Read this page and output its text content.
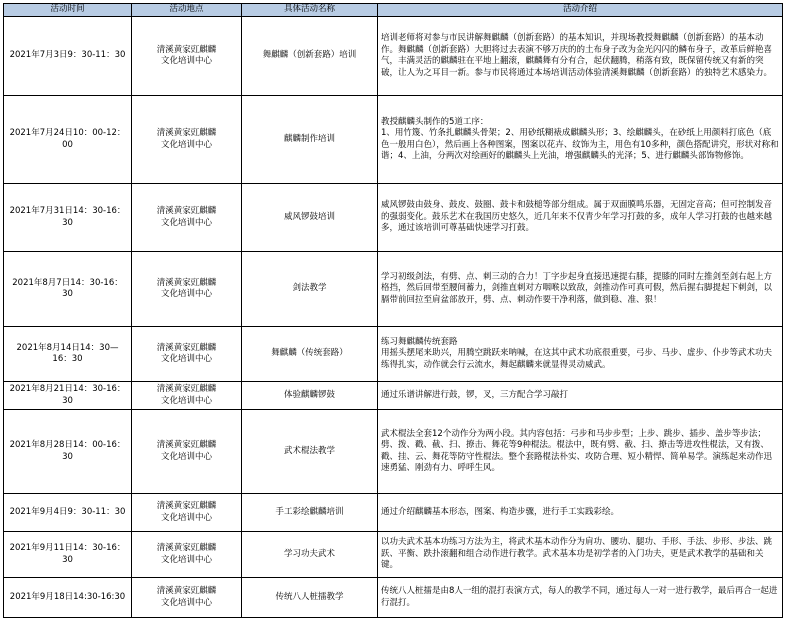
活动时间	活动地点	具体活动名称	活动介绍
2021年7月3日9：30-11：30	清溪黄家豇麒麟文化培训中心	舞麒麟（创新套路）培训	培训老师将对参与市民讲解舞麒麟（创新套路）的基本知识，并现场教授舞麒麟（创新套路）的基本动作。舞麒麟（创新套路）大胆将过去表演不够万庆的的土布身子改为金光闪闪的鳞布身子，改革后鲜艳喜气，丰满灵活的麒麟驻在平地上翻滚，麒麟舞有分有合，起伏翻腾，稍落有致，既保留传统又有新的突破，让人为之耳目一新。参与市民将通过本场培训活动体验清溪舞麒麟（创新套路）的独特艺术感染力。
2021年7月24日10：00-12：00	清溪黄家豇麒麟文化培训中心	麒麟制作培训	教授麒麟头制作的5道工序：
1、用竹篾、竹条扎麒麟头骨架；2、用砂纸糊裱成麒麟头形；3、绘麒麟头，在砂纸上用颜料打底色（底色一般用白色），然后画上各种图案，图案以花卉、纹饰为主，用色有10多种，颜色搭配讲究，形状对称和谐；4、上油，分两次对绘画好的麒麟头上光油，增强麒麟头的光泽；5、进行麒麟头部饰物修饰。
2021年7月31日14：30-16：30	清溪黄家豇麒麟文化培训中心	威风锣鼓培训	威风锣鼓由鼓身、鼓皮、鼓圈、鼓卡和鼓槌等部分组成。属于双面膜鸣乐器，无固定音高；但可控制发音的强弱变化。鼓乐艺术在我国历史悠久，近几年来不仅青少年学习打鼓的多，成年人学习打鼓的也越来越多，通过该培训可尊基础快速学习打鼓。
2021年8月7日14：30-16：30	清溪黄家豇麒麟文化培训中心	剑法教学	学习初级剑法，有劈、点、刺三动的合力！丁字步起身直接迅速提右膝，提膝的同时左推剑至剑右起上方格挡，然后回带至腰间蓄力，剑推直刺对方咽喉以致敌，剑推动作可真可假，然后握右脚提起下刺剑，以膈带前回拉至肩盆部放开，劈、点、刺动作要干净利落，做到稳、准、狠！
2021年8月14日14：30—16：30	清溪黄家豇麒麟文化培训中心	舞麒麟（传统套路）	练习舞麒麟传统套路
用摇头摆尾来助兴，用腾空跳跃来呐喊，在这其中武术功底很重要，弓步、马步、虚步、仆步等武术功夫练得扎实，动作就会行云流水，舞起麒麟来就显得灵动威武。
2021年8月21日14：30-16：30	清溪黄家豇麒麟文化培训中心	体验麒麟锣鼓	通过乐谱讲解进行鼓，锣，叉，三方配合学习敲打
2021年8月28日14：00-16：30	清溪黄家豇麒麟文化培训中心	武术棍法教学	武术棍法全套12个动作分为两小段。其内容包括：弓步和马步步型；上步、跳步、插步、盖步等步法；劈、拨、戳、截、扫、撩击、舞花等9种棍法。棍法中，既有劈、截、扫、撩击等进攻性棍法，又有拨、戳、挂、云、舞花等防守性棍法。整个套路棍法朴实、攻防合理、短小精悍、简单易学。演练起来动作迅速勇猛、刚劲有力、呼呼生风。
2021年9月4日9：30-11：30	清溪黄家豇麒麟文化培训中心	手工彩绘麒麟培训	通过介绍麒麟基本形态，图案、构造步骤，进行手工实践彩绘。
2021年9月11日14：30-16：30	清溪黄家豇麒麟文化培训中心	学习功夫武术	以功夫武术基本功练习方法为主，将武术基本动作分为肩功、腰功、腿功、手形、手法、步形、步法、跳跃、平衡、跌扑滚翻和组合动作进行教学。武术基本功是初学者的入门功夫，更是武术教学的基础和关键。
2021年9月18日14:30-16:30	清溪黄家豇麒麟文化培训中心	传统八人桩擂教学	传统八人桩擂是由8人一组的混打表演方式，每人的教学不同，通过每人一对一进行教学，最后再合一起进行混打。
